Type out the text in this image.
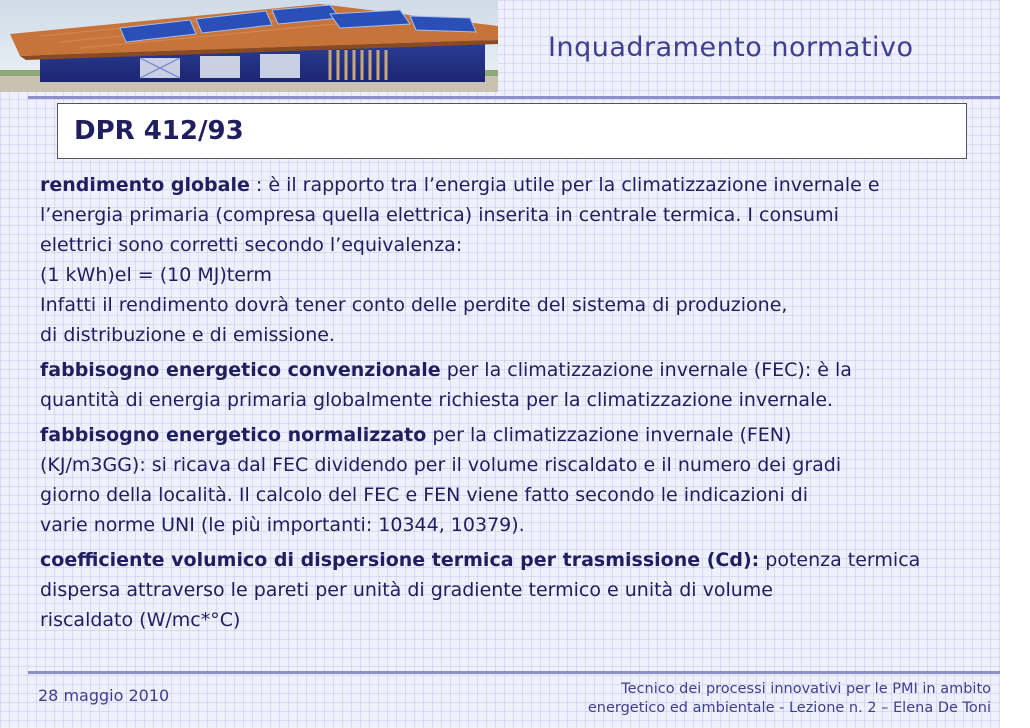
Inquadramento normativo
DPR 412/93

rendimento globale : è il rapporto tra l’energia utile per la climatizzazione invernale e

l’energia primaria (compresa quella elettrica) inserita in centrale termica. I consumi

elettrici sono corretti secondo l’equivalenza:

(1 kWh)el = (10 MJ)term

Infatti il rendimento dovrà tener conto delle perdite del sistema di produzione,

di distribuzione e di emissione.

fabbisogno energetico convenzionale per la climatizzazione invernale (FEC): è la

quantità di energia primaria globalmente richiesta per la climatizzazione invernale.

fabbisogno energetico normalizzato per la climatizzazione invernale (FEN)

(KJ/m3GG): si ricava dal FEC dividendo per il volume riscaldato e il numero dei gradi

giorno della località. Il calcolo del FEC e FEN viene fatto secondo le indicazioni di

varie norme UNI (le più importanti: 10344, 10379).

coefficiente volumico di dispersione termica per trasmissione (Cd): potenza termica

dispersa attraverso le pareti per unità di gradiente termico e unità di volume

riscaldato (W/mc*°C)

28 maggio 2010	Tecnico dei processi innovativi per le PMI in ambito
energetico ed ambientale - Lezione n. 2 – Elena De Toni
